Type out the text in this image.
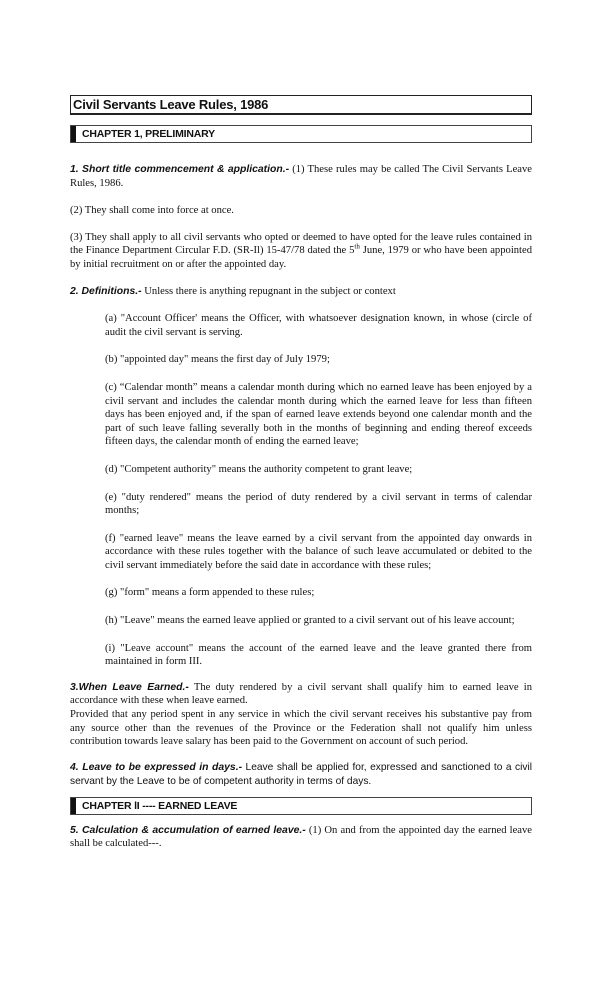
Civil Servants Leave Rules, 1986
CHAPTER 1, PRELIMINARY

1. Short title commencement & application.- (1) These rules may be called The Civil Servants Leave Rules, 1986.

(2) They shall come into force at once.

(3) They shall apply to all civil servants who opted or deemed to have opted for the leave rules contained in the Finance Department Circular F.D. (SR-Il) 15-47/78 dated the 5th June, 1979 or who have been appointed by initial recruitment on or after the appointed day.

2. Definitions.- Unless there is anything repugnant in the subject or context

(a) "Account Officer' means the Officer, with whatsoever designation known, in whose (circle of audit the civil servant is serving.

(b) "appointed day" means the first day of July 1979;

(c) “Calendar month” means a calendar month during which no earned leave has been enjoyed by a civil servant and includes the calendar month during which the earned leave for less than fifteen days has been enjoyed and, if the span of earned leave extends beyond one calendar month and the part of such leave falling severally both in the months of beginning and ending thereof exceeds fifteen days, the calendar month of ending the earned leave;

(d) "Competent authority" means the authority competent to grant leave;

(e) "duty rendered" means the period of duty rendered by a civil servant in terms of calendar months;

(f) "earned leave" means the leave earned by a civil servant from the appointed day onwards in accordance with these rules together with the balance of such leave accumulated or debited to the civil servant immediately before the said date in accordance with these rules;

(g) "form" means a form appended to these rules;

(h) "Leave" means the earned leave applied or granted to a civil servant out of his leave account;

(i) "Leave account" means the account of the earned leave and the leave granted there from maintained in form III.

3.When Leave Earned.- The duty rendered by a civil servant shall qualify him to earned leave in accordance with these when leave earned.

Provided that any period spent in any service in which the civil servant receives his substantive pay from any source other than the revenues of the Province or the Federation shall not qualify him unless contribution towards leave salary has been paid to the Government on account of such period.

4. Leave to be expressed in days.- Leave shall be applied for, expressed and sanctioned to a civil servant by the Leave to be of competent authority in terms of days.

CHAPTER lI ---- EARNED LEAVE

5. Calculation & accumulation of earned leave.- (1) On and from the appointed day the earned leave shall be calculated---.
